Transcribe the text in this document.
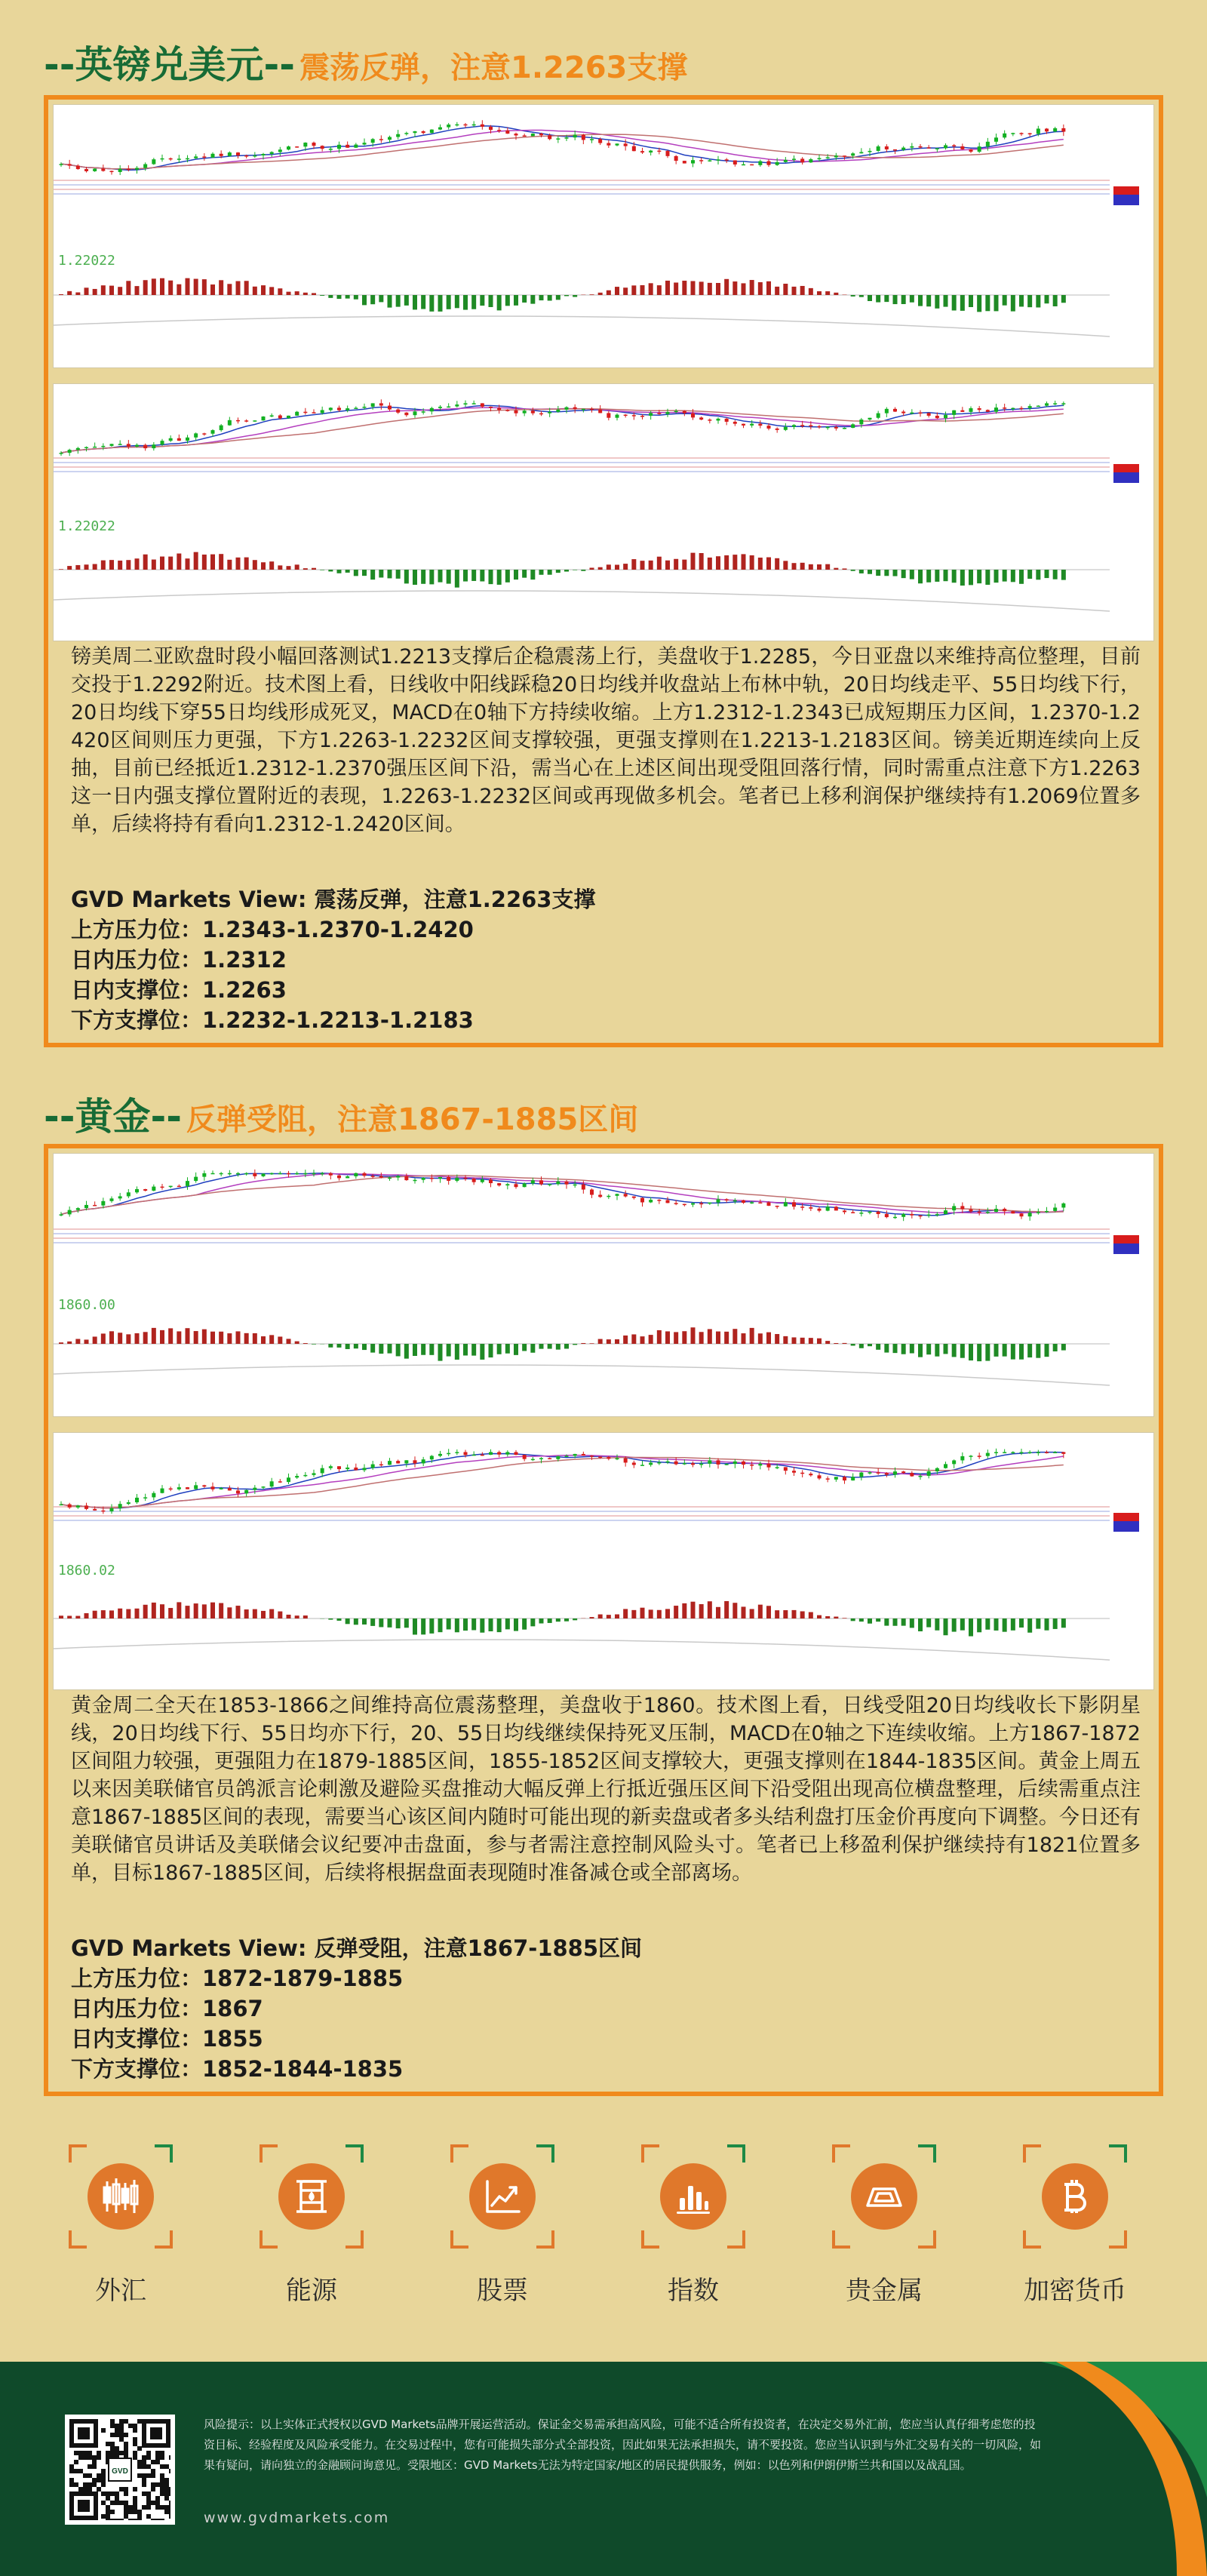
-- 英镑兑美元 -- 震荡反弹，注意1.2263支撑
1.22022
1.22022
镑美周二亚欧盘时段小幅回落测试1.2213支撑后企稳震荡上行，美盘收于1.2285，今日亚盘以来维持高位整理，目前交投于1.2292附近。技术图上看，日线收中阳线踩稳20日均线并收盘站上布林中轨，20日均线走平、55日均线下行，20日均线下穿55日均线形成死叉，MACD在0轴下方持续收缩。上方1.2312-1.2343已成短期压力区间，1.2370-1.2420区间则压力更强，下方1.2263-1.2232区间支撑较强，更强支撑则在1.2213-1.2183区间。镑美近期连续向上反抽，目前已经抵近1.2312-1.2370强压区间下沿，需当心在上述区间出现受阻回落行情，同时需重点注意下方1.2263这一日内强支撑位置附近的表现，1.2263-1.2232区间或再现做多机会。笔者已上移利润保护继续持有1.2069位置多单，后续将持有看向1.2312-1.2420区间。
GVD Markets View: 震荡反弹，注意1.2263支撑
上方压力位：1.2343-1.2370-1.2420
日内压力位：1.2312
日内支撑位：1.2263
下方支撑位：1.2232-1.2213-1.2183
-- 黄金 -- 反弹受阻，注意1867-1885区间
1860.00
1860.02
黄金周二全天在1853-1866之间维持高位震荡整理，美盘收于1860。技术图上看，日线受阻20日均线收长下影阴星线，20日均线下行、55日均亦下行，20、55日均线继续保持死叉压制，MACD在0轴之下连续收缩。上方1867-1872区间阻力较强，更强阻力在1879-1885区间，1855-1852区间支撑较大，更强支撑则在1844-1835区间。黄金上周五以来因美联储官员鸽派言论刺激及避险买盘推动大幅反弹上行抵近强压区间下沿受阻出现高位横盘整理，后续需重点注意1867-1885区间的表现，需要当心该区间内随时可能出现的新卖盘或者多头结利盘打压金价再度向下调整。今日还有美联储官员讲话及美联储会议纪要冲击盘面，参与者需注意控制风险头寸。笔者已上移盈利保护继续持有1821位置多单，目标1867-1885区间，后续将根据盘面表现随时准备减仓或全部离场。
GVD Markets View: 反弹受阻，注意1867-1885区间
上方压力位：1872-1879-1885
日内压力位：1867
日内支撑位：1855
下方支撑位：1852-1844-1835
外汇	能源	股票	指数	贵金属	加密货币
GVD
风险提示：以上实体正式授权以GVD Markets品牌开展运营活动。保证金交易需承担高风险，可能不适合所有投资者，在决定交易外汇前，您应当认真仔细考虑您的投资目标、经验程度及风险承受能力。在交易过程中，您有可能损失部分式全部投资，因此如果无法承担损失，请不要投资。您应当认识到与外汇交易有关的一切风险，如果有疑问，请向独立的金融顾问询意见。受限地区：GVD Markets无法为特定国家/地区的居民提供服务，例如：以色列和伊朗伊斯兰共和国以及战乱国。
www.gvdmarkets.com
